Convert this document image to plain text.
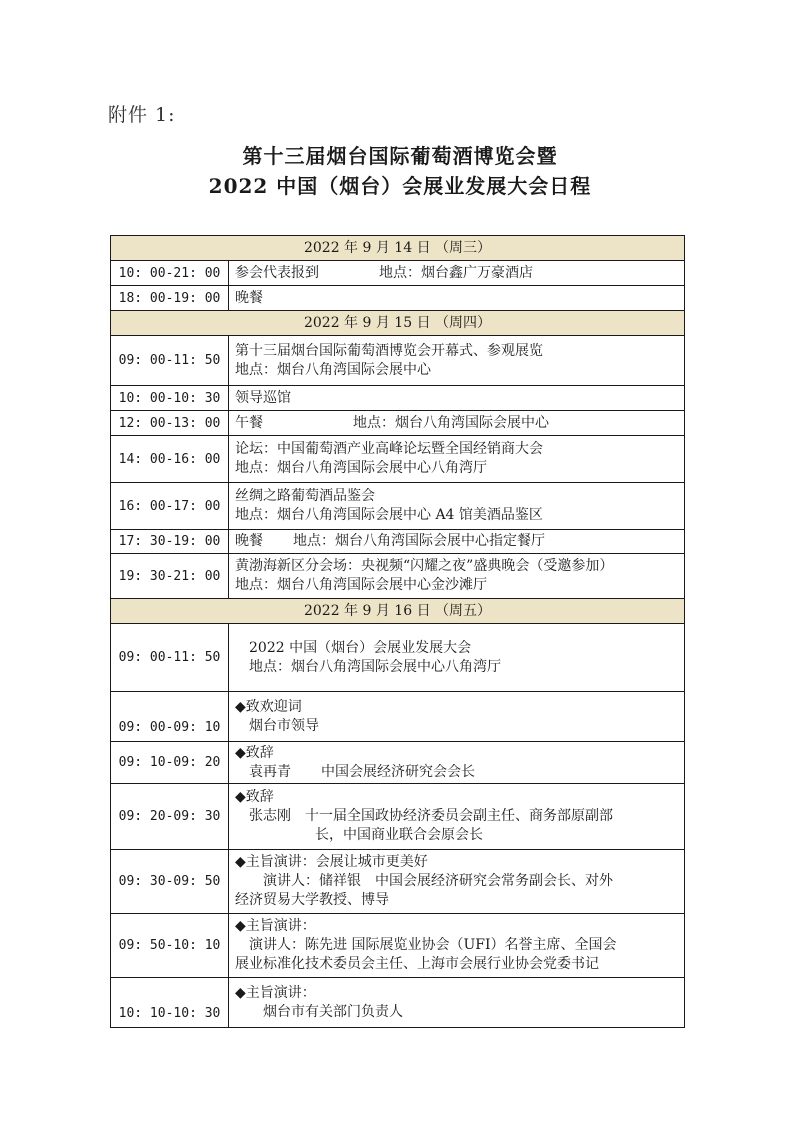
附件 1:
第十三届烟台国际葡萄酒博览会暨
2022 中国（烟台）会展业发展大会日程
2022 年 9 月 14 日 （周三）	
10: 00-21: 00	参会代表报到 地点：烟台鑫广万豪酒店
18: 00-19: 00	晚餐
2022 年 9 月 15 日 （周四）	
09: 00-11: 50	第十三届烟台国际葡萄酒博览会开幕式、参观展览
地点：烟台八角湾国际会展中心

10: 00-10: 30	领导巡馆
12: 00-13: 00	午餐 地点：烟台八角湾国际会展中心
14: 00-16: 00	论坛：中国葡萄酒产业高峰论坛暨全国经销商大会
地点：烟台八角湾国际会展中心八角湾厅

16: 00-17: 00	丝绸之路葡萄酒品鉴会
地点：烟台八角湾国际会展中心 A4 馆美酒品鉴区

17: 30-19: 00	晚餐 地点：烟台八角湾国际会展中心指定餐厅
19: 30-21: 00	黄渤海新区分会场：央视频“闪耀之夜”盛典晚会（受邀参加）
地点：烟台八角湾国际会展中心金沙滩厅

2022 年 9 月 16 日 （周五）	
09: 00-11: 50	2022 中国（烟台）会展业发展大会
地点：烟台八角湾国际会展中心八角湾厅

09: 00-09: 10	◆致欢迎词
烟台市领导

09: 10-09: 20	◆致辞
袁再青 中国会展经济研究会会长

09: 20-09: 30	◆致辞
张志刚　 十一届全国政协经济委员会副主任、商务部原副部
长，中国商业联合会原会长

09: 30-09: 50	◆主旨演讲：会展让城市更美好
演讲人：储祥银　中国会展经济研究会常务副会长、对外
经济贸易大学教授、博导

09: 50-10: 10	◆主旨演讲：
演讲人：陈先进 国际展览业协会（UFI）名誉主席、全国会
展业标准化技术委员会主任、上海市会展行业协会党委书记

10: 10-10: 30	◆主旨演讲：
烟台市有关部门负责人
